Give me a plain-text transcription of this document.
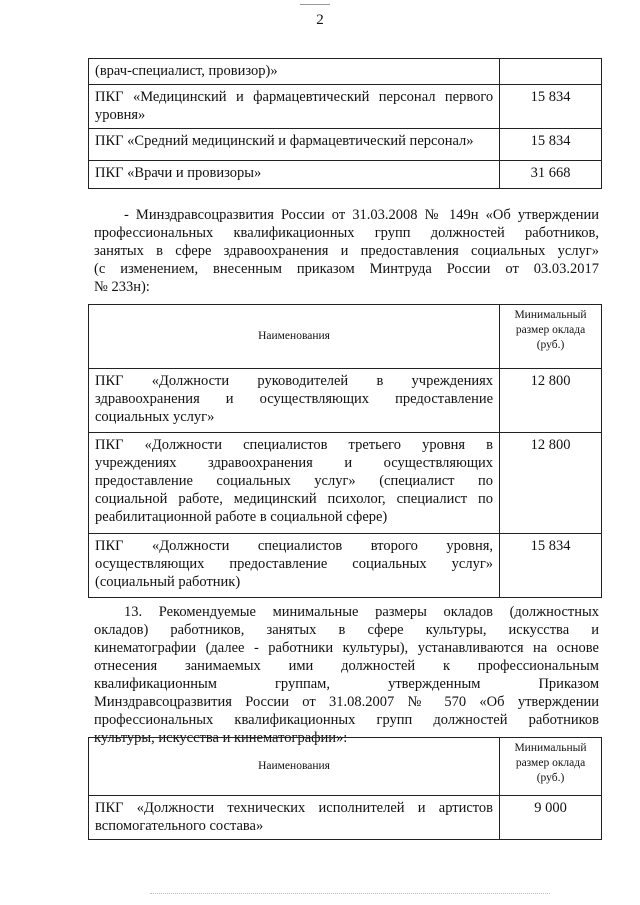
2
(врач-специалист, провизор)»	

ПКГ «Медицинский и фармацевтический персонал первого
уровня»	15 834

ПКГ «Средний медицинский и фармацевтический персонал»	15 834

ПКГ «Врачи и провизоры»	31 668
- Минздравсоцразвития России от 31.03.2008 № 149н «Об утверждении
профессиональных квалификационных групп должностей работников,
занятых в сфере здравоохранения и предоставления социальных услуг»
(с изменением, внесенным приказом Минтруда России от 03.03.2017
№ 233н):
Наименования	Минимальный
размер оклада
(руб.)

ПКГ «Должности руководителей в учреждениях
здравоохранения и осуществляющих предоставление
социальных услуг»	12 800

ПКГ «Должности специалистов третьего уровня в
учреждениях здравоохранения и осуществляющих
предоставление социальных услуг» (специалист по
социальной работе, медицинский психолог, специалист по
реабилитационной работе в социальной сфере)	12 800

ПКГ «Должности специалистов второго уровня,
осуществляющих предоставление социальных услуг»
(социальный работник)	15 834
13. Рекомендуемые минимальные размеры окладов (должностных
окладов) работников, занятых в сфере культуры, искусства и
кинематографии (далее - работники культуры), устанавливаются на основе
отнесения занимаемых ими должностей к профессиональным
квалификационным группам, утвержденным Приказом
Минздравсоцразвития России от 31.08.2007 № 570 «Об утверждении
профессиональных квалификационных групп должностей работников
культуры, искусства и кинематографии»:
Наименования	Минимальный
размер оклада
(руб.)

ПКГ «Должности технических исполнителей и артистов
вспомогательного состава»	9 000
